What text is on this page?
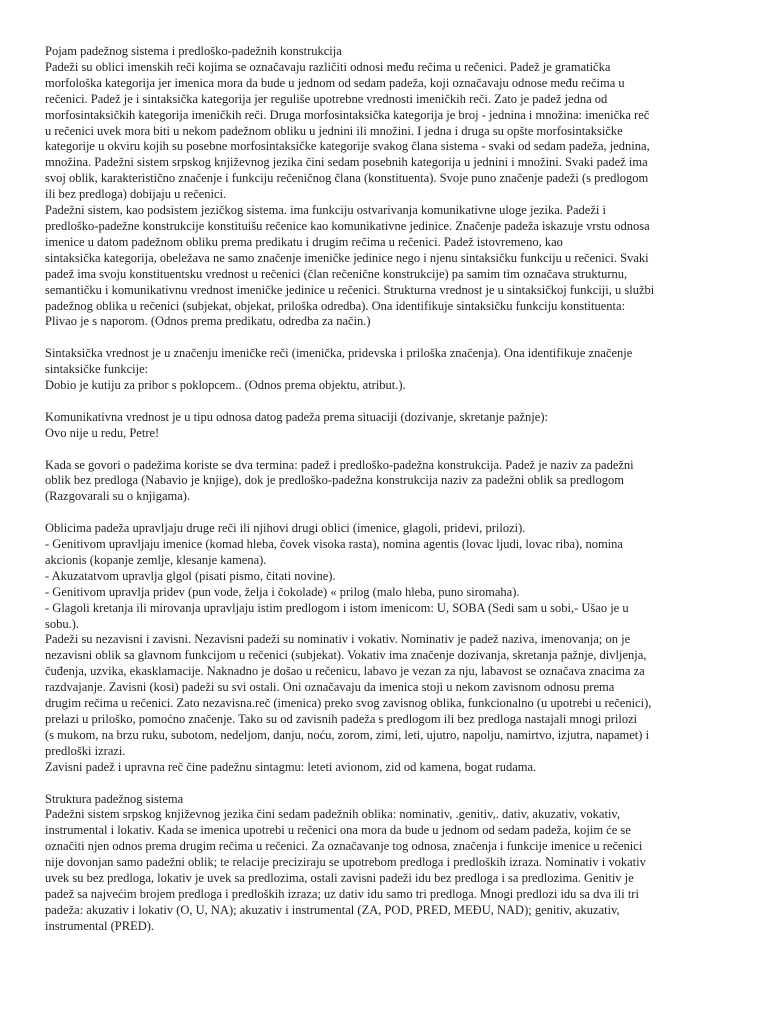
Pojam padežnog sistema i predloško-padežnih konstrukcija
Padeži su oblici imenskih reči kojima se označavaju različiti odnosi među rečima u rečenici. Padež je gramatička
morfološka kategorija jer imenica mora da bude u jednom od sedam padeža, koji označavaju odnose među rečima u
rečenici. Padež je i sintaksička kategorija jer reguliše upotrebne vrednosti imeničkih reči. Zato je padež jedna od
morfosintaksičkih kategorija imeničkih reči. Druga morfosintaksička kategorija je broj - jednina i množina: imenička reč
u rečenici uvek mora biti u nekom padežnom obliku u jednini ili množini. I jedna i druga su opšte morfosintaksičke
kategorije u okviru kojih su posebne morfosintaksičke kategorije svakog člana sistema - svaki od sedam padeža, jednina,
množina. Padežni sistem srpskog književnog jezika čini sedam posebnih kategorija u jednini i množini. Svaki padež ima
svoj oblik, karakteristično značenje i funkciju rečeničnog člana (konstituenta). Svoje puno značenje padeži (s predlogom
ili bez predloga) dobijaju u rečenici.
Padežni sistem, kao podsistem jezičkog sistema. ima funkciju ostvarivanja komunikativne uloge jezika. Padeži i
predloško-padežne konstrukcije konstituišu rečenice kao komunikativne jedinice. Značenje padeža iskazuje vrstu odnosa
imenice u datom padežnom obliku prema predikatu i drugim rečima u rečenici. Padež istovremeno, kao
sintaksička kategorija, obeležava ne samo značenje imeničke jedinice nego i njenu sintaksičku funkciju u rečenici. Svaki
padež ima svoju konstituentsku vrednost u rečenici (član rečenične konstrukcije) pa samim tim označava strukturnu,
semantičku i komunikativnu vrednost imeničke jedinice u rečenici. Strukturna vrednost je u sintaksičkoj funkciji, u službi
padežnog oblika u rečenici (subjekat, objekat, priloška odredba). Ona identifikuje sintaksičku funkciju konstituenta:
Plivao je s naporom. (Odnos prema predikatu, odredba za način.)
Sintaksička vrednost je u značenju imeničke reči (imenička, pridevska i priloška značenja). Ona identifikuje značenje
sintaksičke funkcije:
Dobio je kutiju za pribor s poklopcem.. (Odnos prema objektu, atribut.).
Komunikativna vrednost je u tipu odnosa datog padeža prema situaciji (dozivanje, skretanje pažnje):
Ovo nije u redu, Petre!
Kada se govori o padežima koriste se dva termina: padež i predloško-padežna konstrukcija. Padež je naziv za padežni
oblik bez predloga (Nabavio je knjige), dok je predloško-padežna konstrukcija naziv za padežni oblik sa predlogom
(Razgovarali su o knjigama).
Oblicima padeža upravljaju druge reči ili njihovi drugi oblici (imenice, glagoli, pridevi, prilozi).
- Genitivom upravljaju imenice (komad hleba, čovek visoka rasta), nomina agentis (lovac ljudi, lovac riba), nomina
akcionis (kopanje zemlje, klesanje kamena).
- Akuzatatvom upravlja glgol (pisati pismo, čitati novine).
- Genitivom upravlja pridev (pun vode, želja i čokolade) « prilog (malo hleba, puno siromaha).
- Glagoli kretanja ili mirovanja upravljaju istim predlogom i istom imenicom: U, SOBA (Sedi sam u sobi,- Ušao je u
sobu.).
Padeži su nezavisni i zavisni. Nezavisni padeži su nominativ i vokativ. Nominativ je padež naziva, imenovanja; on je
nezavisni oblik sa glavnom funkcijom u rečenici (subjekat). Vokativ ima značenje dozivanja, skretanja pažnje, divljenja,
čuđenja, uzvika, ekasklamacije. Naknadno je došao u rečenicu, labavo je vezan za nju, labavost se označava znacima za
razdvajanje. Zavisni (kosi) padeži su svi ostali. Oni označavaju da imenica stoji u nekom zavisnom odnosu prema
drugim rečima u rečenici. Zato nezavisna.reč (imenica) preko svog zavisnog oblika, funkcionalno (u upotrebi u rečenici),
prelazi u priloško, pomoćno značenje. Tako su od zavisnih padeža s predlogom ili bez predloga nastajali mnogi prilozi
(s mukom, na brzu ruku, subotom, nedeljom, danju, noću, zorom, zimi, leti, ujutro, napolju, namirtvo, izjutra, napamet) i
predloški izrazi.
Zavisni padež i upravna reč čine padežnu sintagmu: leteti avionom, zid od kamena, bogat rudama.
Struktura padežnog sistema
Padežni sistem srpskog književnog jezika čini sedam padežnih oblika: nominativ, .genitiv,. dativ, akuzativ, vokativ,
instrumental i lokativ. Kada se imenica upotrebi u rečenici ona mora da bude u jednom od sedam padeža, kojim će se
označiti njen odnos prema drugim rečima u rečenici. Za označavanje tog odnosa, značenja i funkcije imenice u rečenici
nije dovonjan samo padežni oblik; te relacije preciziraju se upotrebom predloga i predloških izraza. Nominativ i vokativ
uvek su bez predloga, lokativ je uvek sa predlozima, ostali zavisni padeži idu bez predloga i sa predlozima. Genitiv je
padež sa najvećim brojem predloga i predloških izraza; uz dativ idu samo tri predloga. Mnogi predlozi idu sa dva ili tri
padeža: akuzativ i lokativ (O, U, NA); akuzativ i instrumental (ZA, POD, PRED, MEĐU, NAD); genitiv, akuzativ,
instrumental (PRED).
